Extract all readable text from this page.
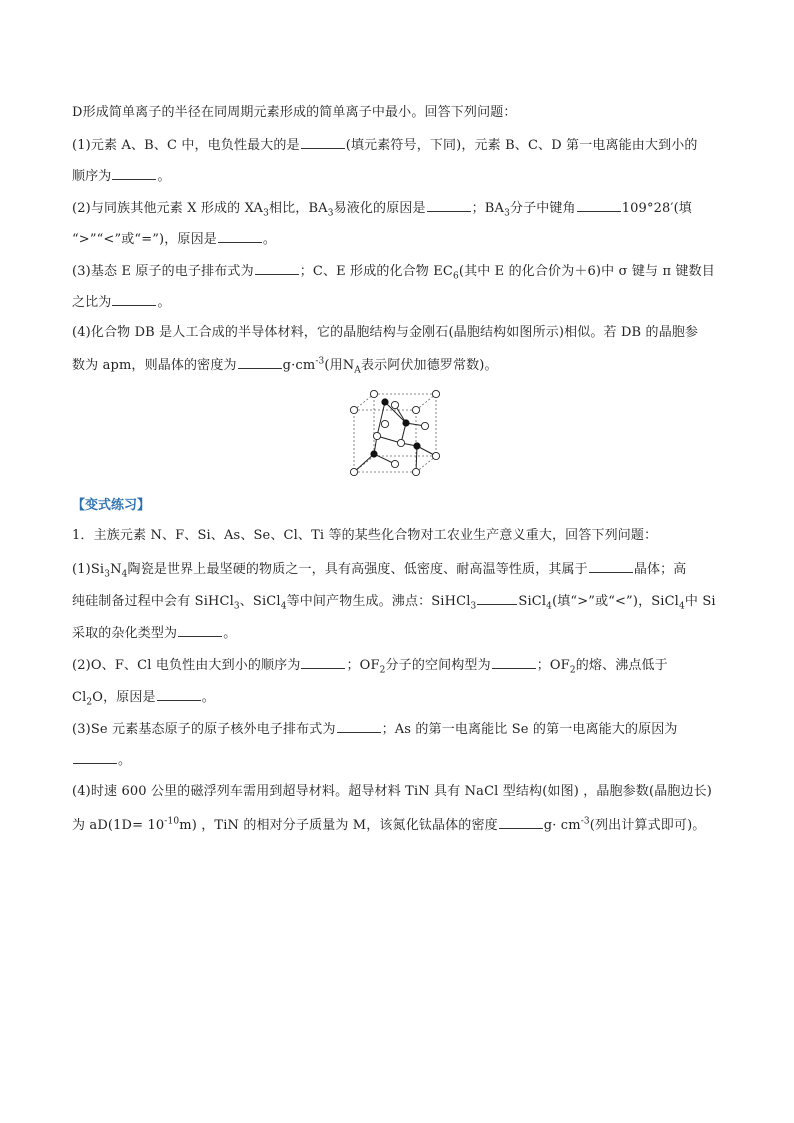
D形成简单离子的半径在同周期元素形成的简单离子中最小。回答下列问题：
(1)元素 A、B、C 中，电负性最大的是	(填元素符号，下同)，元素 B、C、D 第一电离能由大到小的
顺序为	。
(2)与同族其他元素 X 形成的 $XA_3$相比，$BA_3$易液化的原因是	；$BA_3$分子中键角	109°28′(填
“>”“<”或“=”)，原因是	。
(3)基态 E 原子的电子排布式为	；C、E 形成的化合物 $EC_6$(其中 E 的化合价为＋6)中 σ 键与 π 键数目
之比为	。
(4)化合物 DB 是人工合成的半导体材料，它的晶胞结构与金刚石(晶胞结构如图所示)相似。若 DB 的晶胞参
数为 apm，则晶体的密度为	$g\cdot cm^{-3}$(用$N_A$表示阿伏加德罗常数)。
【变式练习】
1．主族元素 N、F、Si、As、Se、Cl、Ti 等的某些化合物对工农业生产意义重大，回答下列问题：
$(1)Si_3N_4$陶瓷是世界上最坚硬的物质之一，具有高强度、低密度、耐高温等性质，其属于	晶体；高
纯硅制备过程中会有 SiHCl$_3$、SiCl$_4$等中间产物生成。沸点：SiHCl$_3$	SiCl$_4$(填“>”或“<”)，SiCl$_4$中 Si
采取的杂化类型为	。
(2)O、F、Cl 电负性由大到小的顺序为	；$OF_2$分子的空间构型为	；$OF_2$的熔、沸点低于
$Cl_2O$，原因是	。
(3)Se 元素基态原子的原子核外电子排布式为	；As 的第一电离能比 Se 的第一电离能大的原因为
。
(4)时速 600 公里的磁浮列车需用到超导材料。超导材料 TiN 具有 NaCl 型结构(如图) ，晶胞参数(晶胞边长)
为 $aD(1D= 10^{-10}m)$ ，TiN 的相对分子质量为 M，该氮化钛晶体的密度	$g\cdot cm^{-3}$(列出计算式即可)。
